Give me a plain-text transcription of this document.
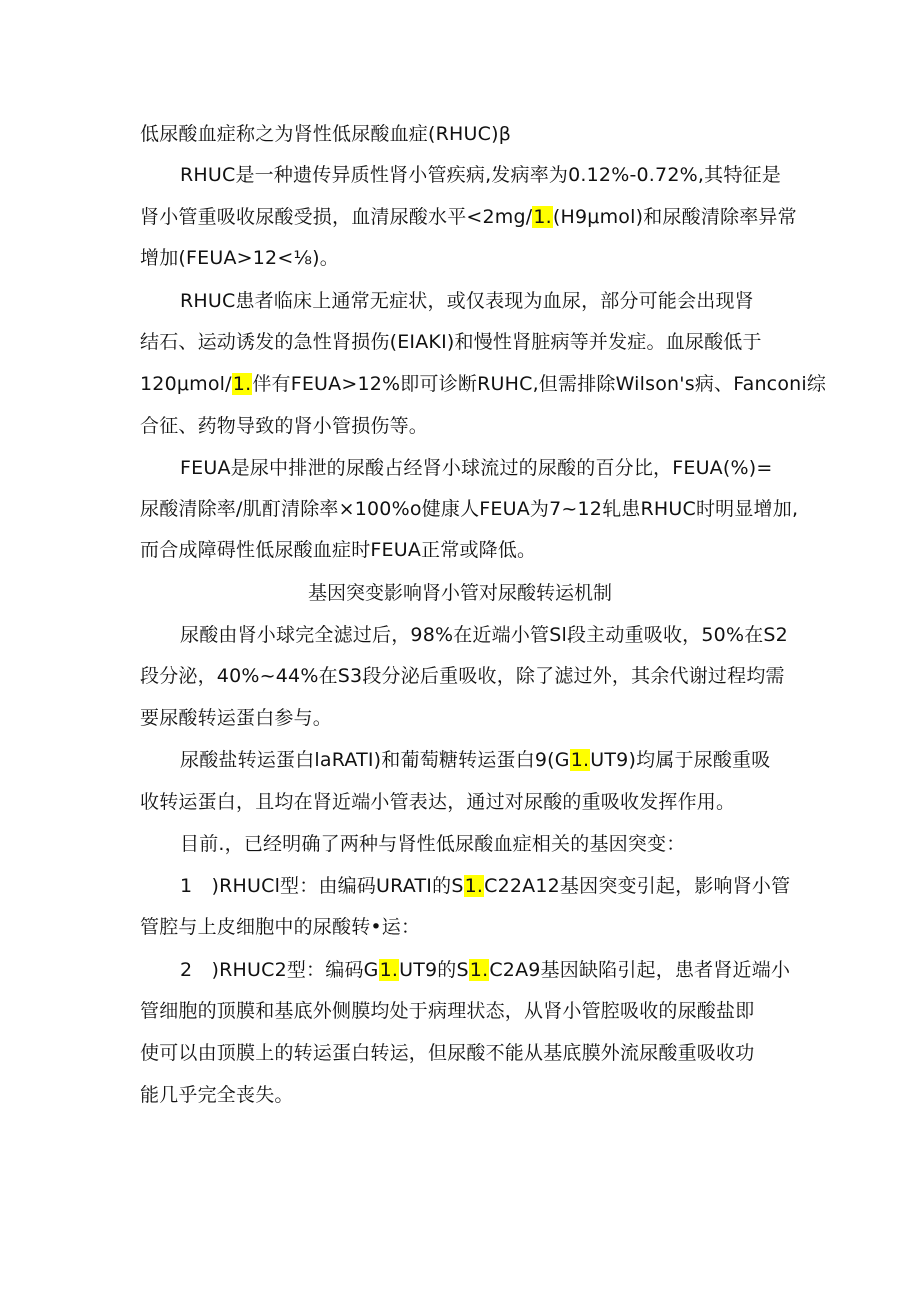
低尿酸血症称之为肾性低尿酸血症(RHUC)β
RHUC是一种遗传异质性肾小管疾病,发病率为0.12%-0.72%,其特征是
肾小管重吸收尿酸受损，血清尿酸水平<2mg∕1.(H9μmol)和尿酸清除率异常
增加(FEUA>12<⅛)。
RHUC患者临床上通常无症状，或仅表现为血尿，部分可能会出现肾
结石、运动诱发的急性肾损伤(EIAKI)和慢性肾脏病等并发症。血尿酸低于
120μmol/1.伴有FEUA>12%即可诊断RUHC,但需排除Wilson's病、Fanconi综
合征、药物导致的肾小管损伤等。
FEUA是尿中排泄的尿酸占经肾小球流过的尿酸的百分比，FEUA(%)=
尿酸清除率/肌酊清除率×100%o健康人FEUA为7~12轧患RHUC时明显增加,
而合成障碍性低尿酸血症时FEUA正常或降低。
基因突变影响肾小管对尿酸转运机制
尿酸由肾小球完全滤过后，98%在近端小管Sl段主动重吸收，50%在S2
段分泌，40%~44%在S3段分泌后重吸收，除了滤过外，其余代谢过程均需
要尿酸转运蛋白参与。
尿酸盐转运蛋白laRATI)和葡萄糖转运蛋白9(G1.UT9)均属于尿酸重吸
收转运蛋白，且均在肾近端小管表达，通过对尿酸的重吸收发挥作用。
目前.，已经明确了两种与肾性低尿酸血症相关的基因突变：
1　)RHUCl型：由编码URATI的S1.C22A12基因突变引起，影响肾小管
管腔与上皮细胞中的尿酸转•运：
2　)RHUC2型：编码G1.UT9的S1.C2A9基因缺陷引起，患者肾近端小
管细胞的顶膜和基底外侧膜均处于病理状态，从肾小管腔吸收的尿酸盐即
使可以由顶膜上的转运蛋白转运，但尿酸不能从基底膜外流尿酸重吸收功
能几乎完全丧失。
